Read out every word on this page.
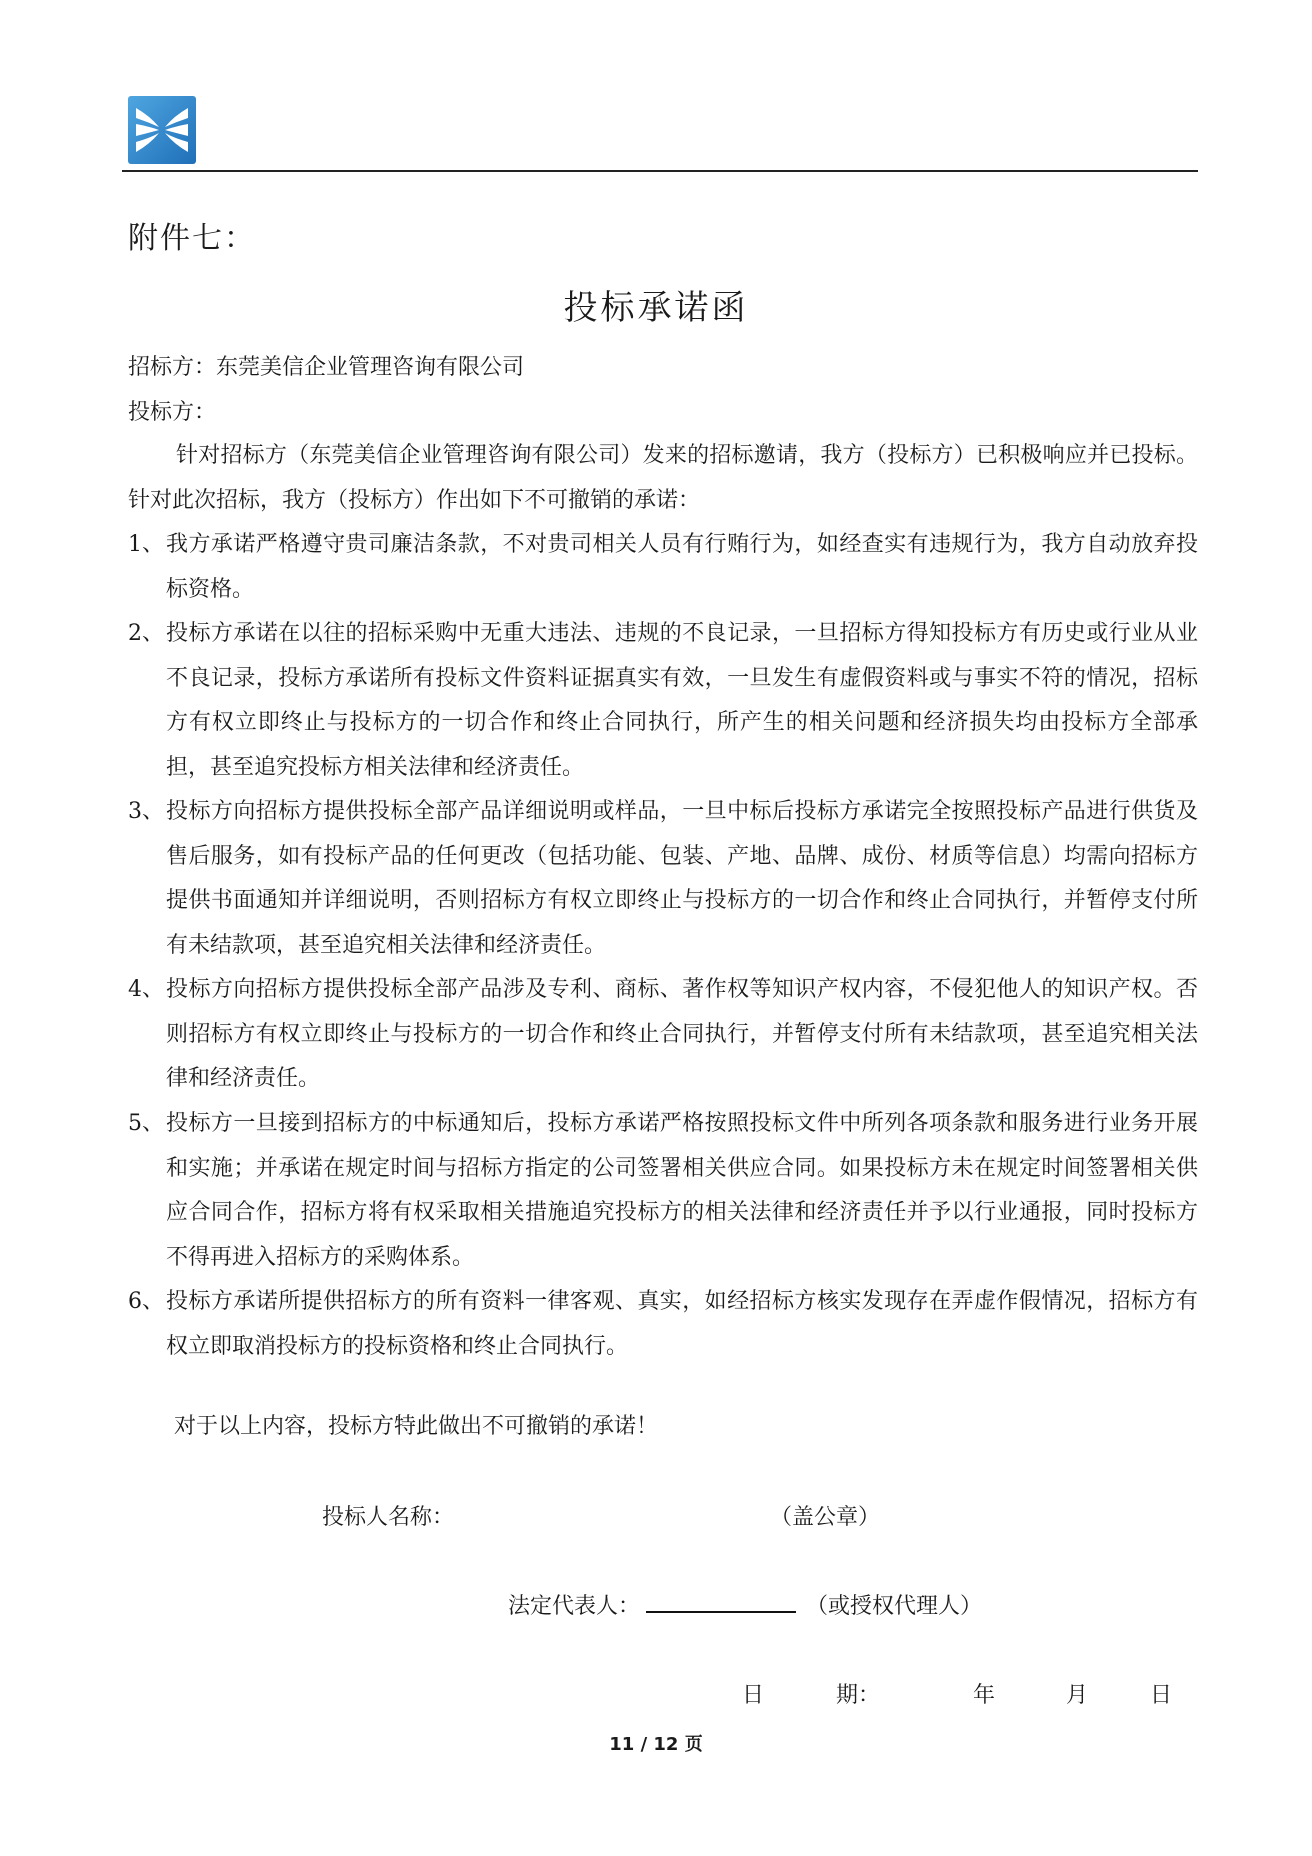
附件七：
投标承诺函
招标方：东莞美信企业管理咨询有限公司
投标方：
针对招标方（东莞美信企业管理咨询有限公司）发来的招标邀请，我方（投标方）已积极响应并已投标。针对此次招标，我方（投标方）作出如下不可撤销的承诺：
1、 我方承诺严格遵守贵司廉洁条款，不对贵司相关人员有行贿行为，如经查实有违规行为，我方自动放弃投标资格。
2、 投标方承诺在以往的招标采购中无重大违法、违规的不良记录，一旦招标方得知投标方有历史或行业从业不良记录，投标方承诺所有投标文件资料证据真实有效，一旦发生有虚假资料或与事实不符的情况，招标方有权立即终止与投标方的一切合作和终止合同执行，所产生的相关问题和经济损失均由投标方全部承担，甚至追究投标方相关法律和经济责任。
3、 投标方向招标方提供投标全部产品详细说明或样品，一旦中标后投标方承诺完全按照投标产品进行供货及售后服务，如有投标产品的任何更改（包括功能、包装、产地、品牌、成份、材质等信息）均需向招标方提供书面通知并详细说明，否则招标方有权立即终止与投标方的一切合作和终止合同执行，并暂停支付所有未结款项，甚至追究相关法律和经济责任。
4、 投标方向招标方提供投标全部产品涉及专利、商标、著作权等知识产权内容，不侵犯他人的知识产权。否则招标方有权立即终止与投标方的一切合作和终止合同执行，并暂停支付所有未结款项，甚至追究相关法律和经济责任。
5、 投标方一旦接到招标方的中标通知后，投标方承诺严格按照投标文件中所列各项条款和服务进行业务开展和实施；并承诺在规定时间与招标方指定的公司签署相关供应合同。如果投标方未在规定时间签署相关供应合同合作，招标方将有权采取相关措施追究投标方的相关法律和经济责任并予以行业通报，同时投标方不得再进入招标方的采购体系。
6、 投标方承诺所提供招标方的所有资料一律客观、真实，如经招标方核实发现存在弄虚作假情况，招标方有权立即取消投标方的投标资格和终止合同执行。
对于以上内容，投标方特此做出不可撤销的承诺！
投标人名称：	（盖公章）
法定代表人：	（或授权代理人）
日	期：	年	月	日
11 / 12 页
